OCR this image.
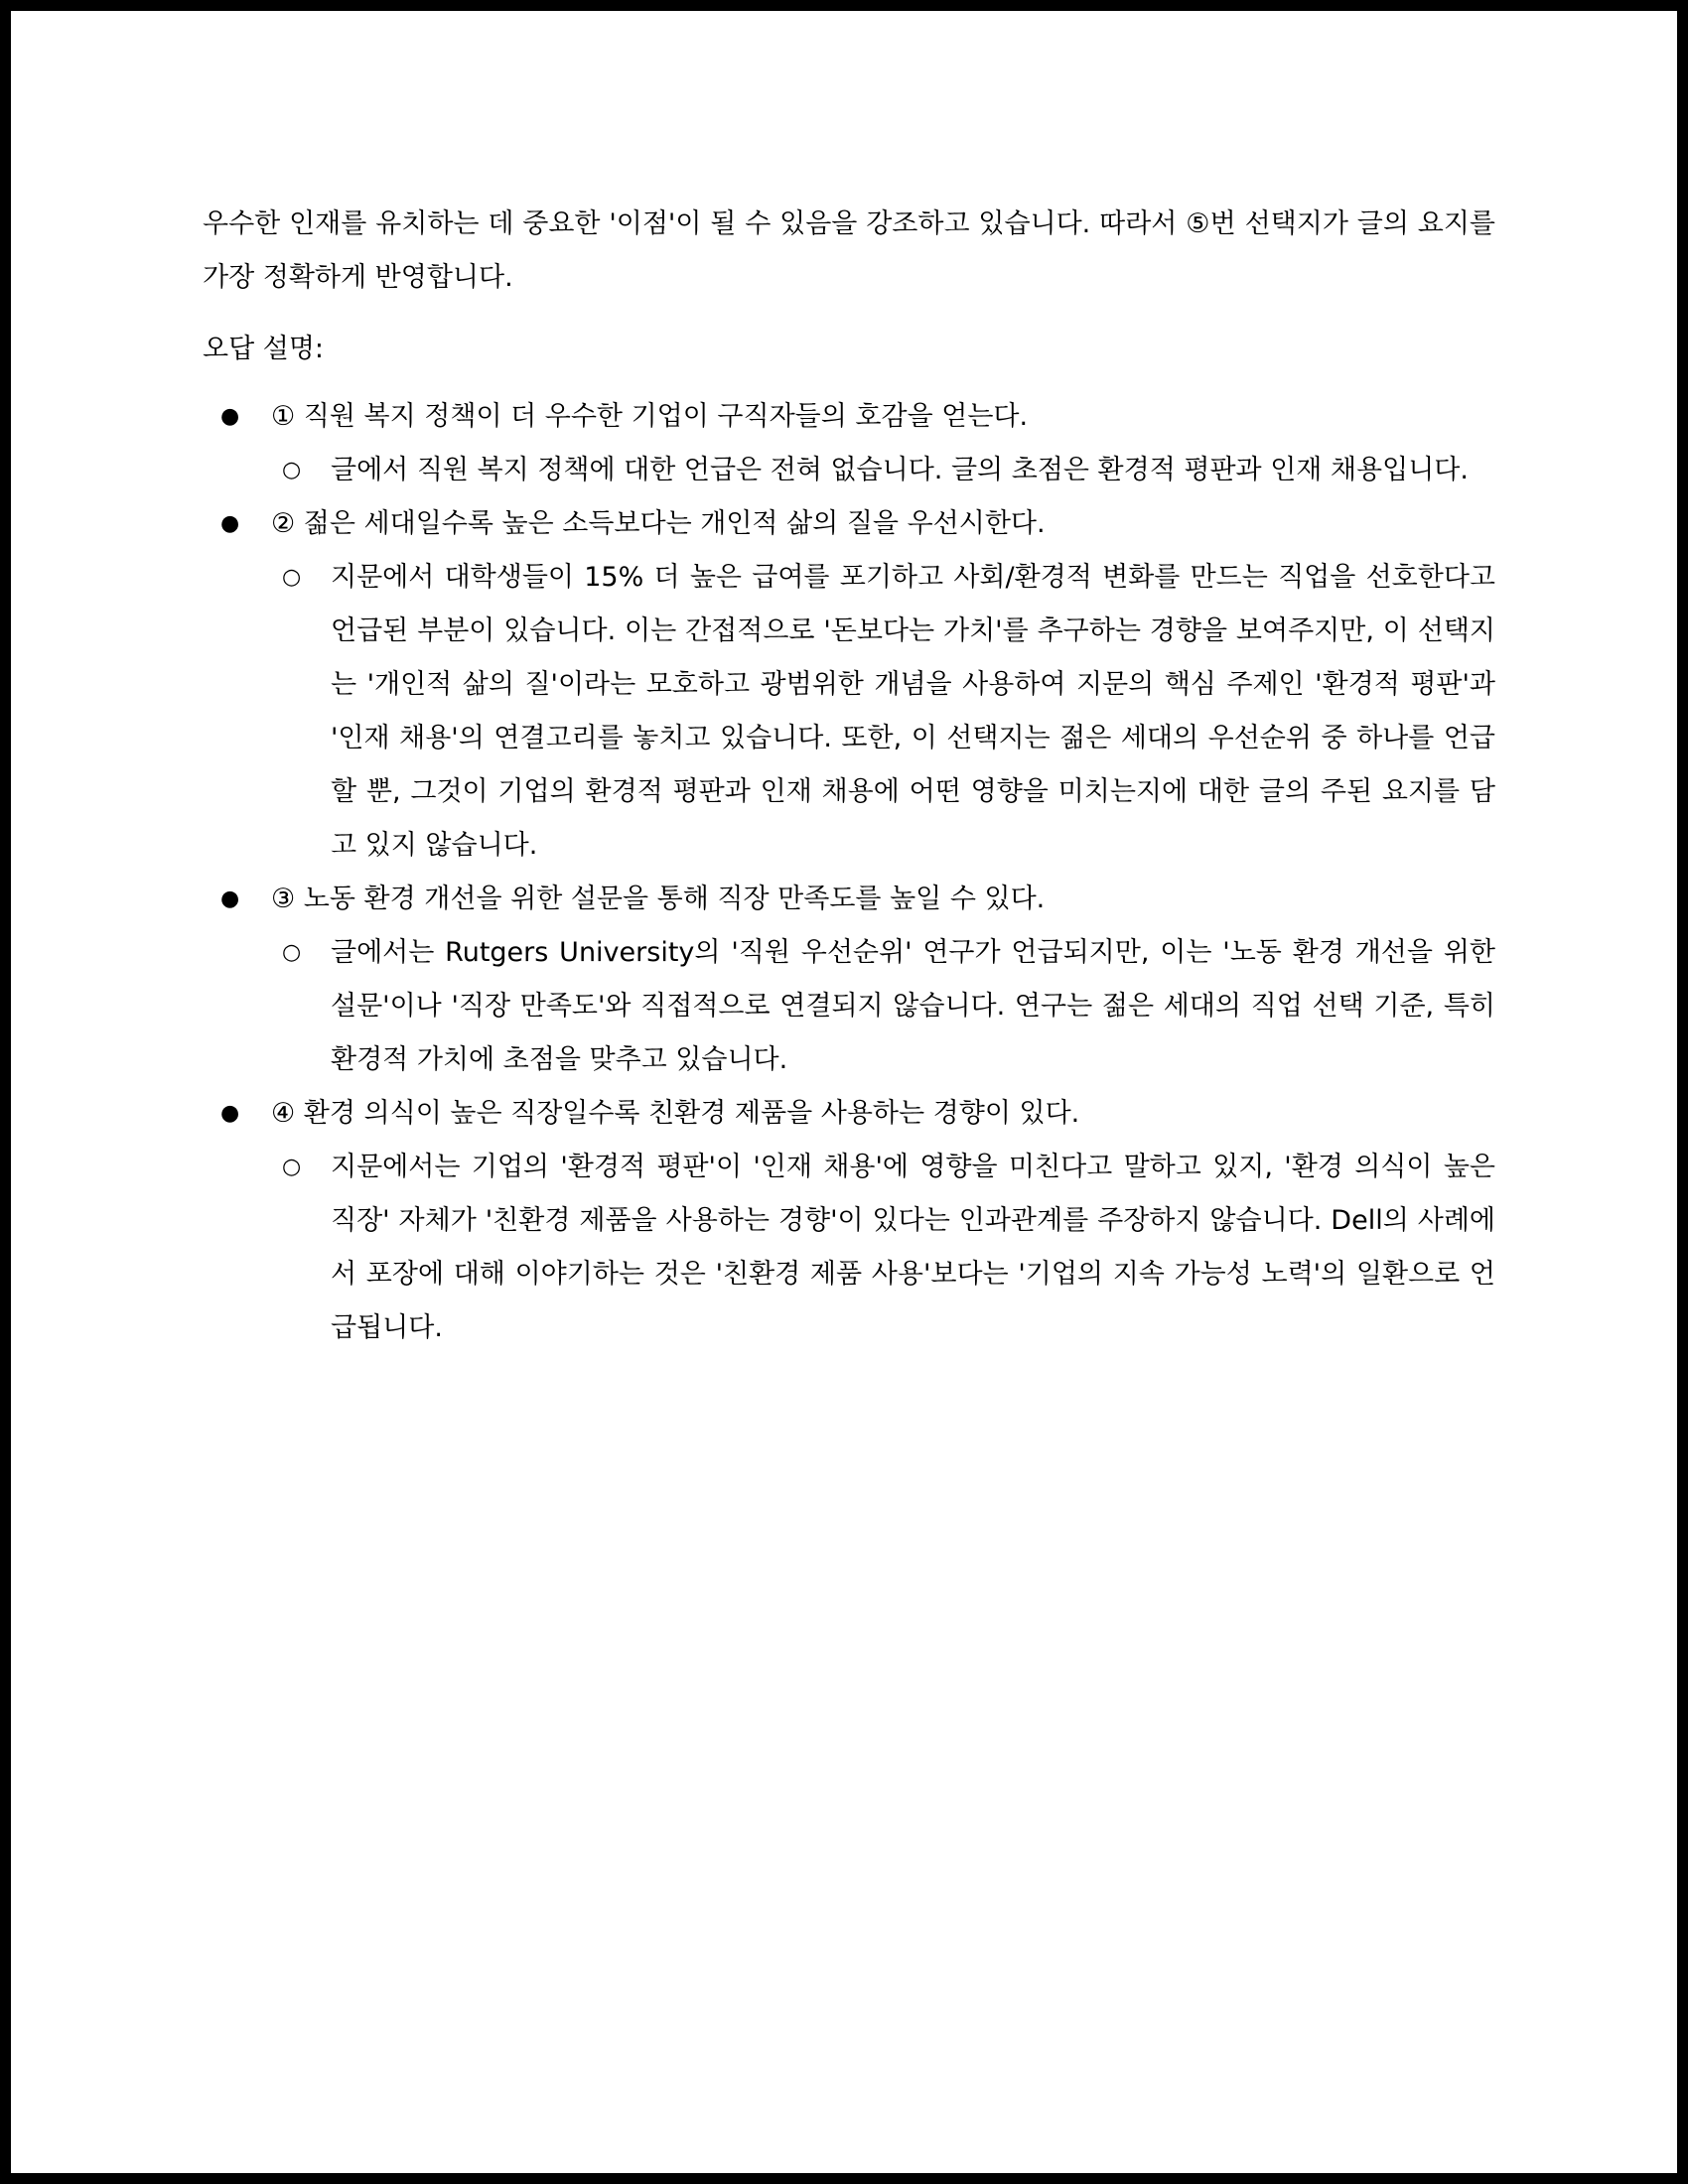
우수한 인재를 유치하는 데 중요한 '이점'이 될 수 있음을 강조하고 있습니다. 따라서 ⑤번 선택지가 글의 요지를 가장 정확하게 반영합니다.

오답 설명:

● ① 직원 복지 정책이 더 우수한 기업이 구직자들의 호감을 얻는다.
○ 글에서 직원 복지 정책에 대한 언급은 전혀 없습니다. 글의 초점은 환경적 평판과 인재 채용입니다.
● ② 젊은 세대일수록 높은 소득보다는 개인적 삶의 질을 우선시한다.
○ 지문에서 대학생들이 15% 더 높은 급여를 포기하고 사회/환경적 변화를 만드는 직업을 선호한다고 언급된 부분이 있습니다. 이는 간접적으로 '돈보다는 가치'를 추구하는 경향을 보여주지만, 이 선택지는 '개인적 삶의 질'이라는 모호하고 광범위한 개념을 사용하여 지문의 핵심 주제인 '환경적 평판'과 '인재 채용'의 연결고리를 놓치고 있습니다. 또한, 이 선택지는 젊은 세대의 우선순위 중 하나를 언급할 뿐, 그것이 기업의 환경적 평판과 인재 채용에 어떤 영향을 미치는지에 대한 글의 주된 요지를 담고 있지 않습니다.
● ③ 노동 환경 개선을 위한 설문을 통해 직장 만족도를 높일 수 있다.
○ 글에서는 Rutgers University의 '직원 우선순위' 연구가 언급되지만, 이는 '노동 환경 개선을 위한 설문'이나 '직장 만족도'와 직접적으로 연결되지 않습니다. 연구는 젊은 세대의 직업 선택 기준, 특히 환경적 가치에 초점을 맞추고 있습니다.
● ④ 환경 의식이 높은 직장일수록 친환경 제품을 사용하는 경향이 있다.
○ 지문에서는 기업의 '환경적 평판'이 '인재 채용'에 영향을 미친다고 말하고 있지, '환경 의식이 높은 직장' 자체가 '친환경 제품을 사용하는 경향'이 있다는 인과관계를 주장하지 않습니다. Dell의 사례에서 포장에 대해 이야기하는 것은 '친환경 제품 사용'보다는 '기업의 지속 가능성 노력'의 일환으로 언급됩니다.
